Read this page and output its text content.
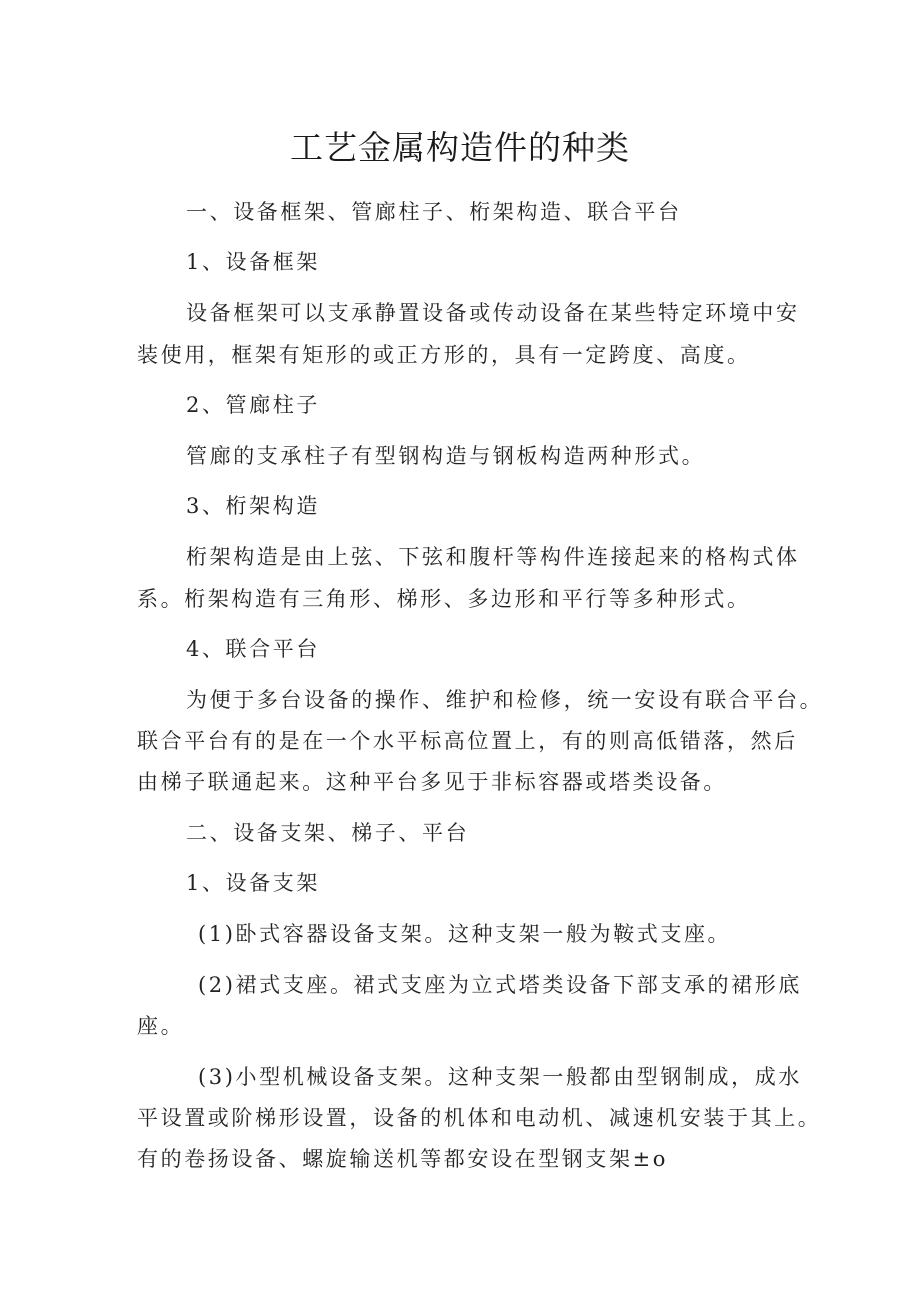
工艺金属构造件的种类
一、设备框架、管廊柱子、桁架构造、联合平台
1、设备框架
设备框架可以支承静置设备或传动设备在某些特定环境中安
装使用，框架有矩形的或正方形的，具有一定跨度、高度。
2、管廊柱子
管廊的支承柱子有型钢构造与钢板构造两种形式。
3、桁架构造
桁架构造是由上弦、下弦和腹杆等构件连接起来的格构式体
系。桁架构造有三角形、梯形、多边形和平行等多种形式。
4、联合平台
为便于多台设备的操作、维护和检修，统一安设有联合平台。
联合平台有的是在一个水平标高位置上，有的则高低错落，然后
由梯子联通起来。这种平台多见于非标容器或塔类设备。
二、设备支架、梯子、平台
1、设备支架
(1)卧式容器设备支架。这种支架一般为鞍式支座。
(2)裙式支座。裙式支座为立式塔类设备下部支承的裙形底
座。
(3)小型机械设备支架。这种支架一般都由型钢制成，成水
平设置或阶梯形设置，设备的机体和电动机、减速机安装于其上。
有的卷扬设备、螺旋输送机等都安设在型钢支架±o
